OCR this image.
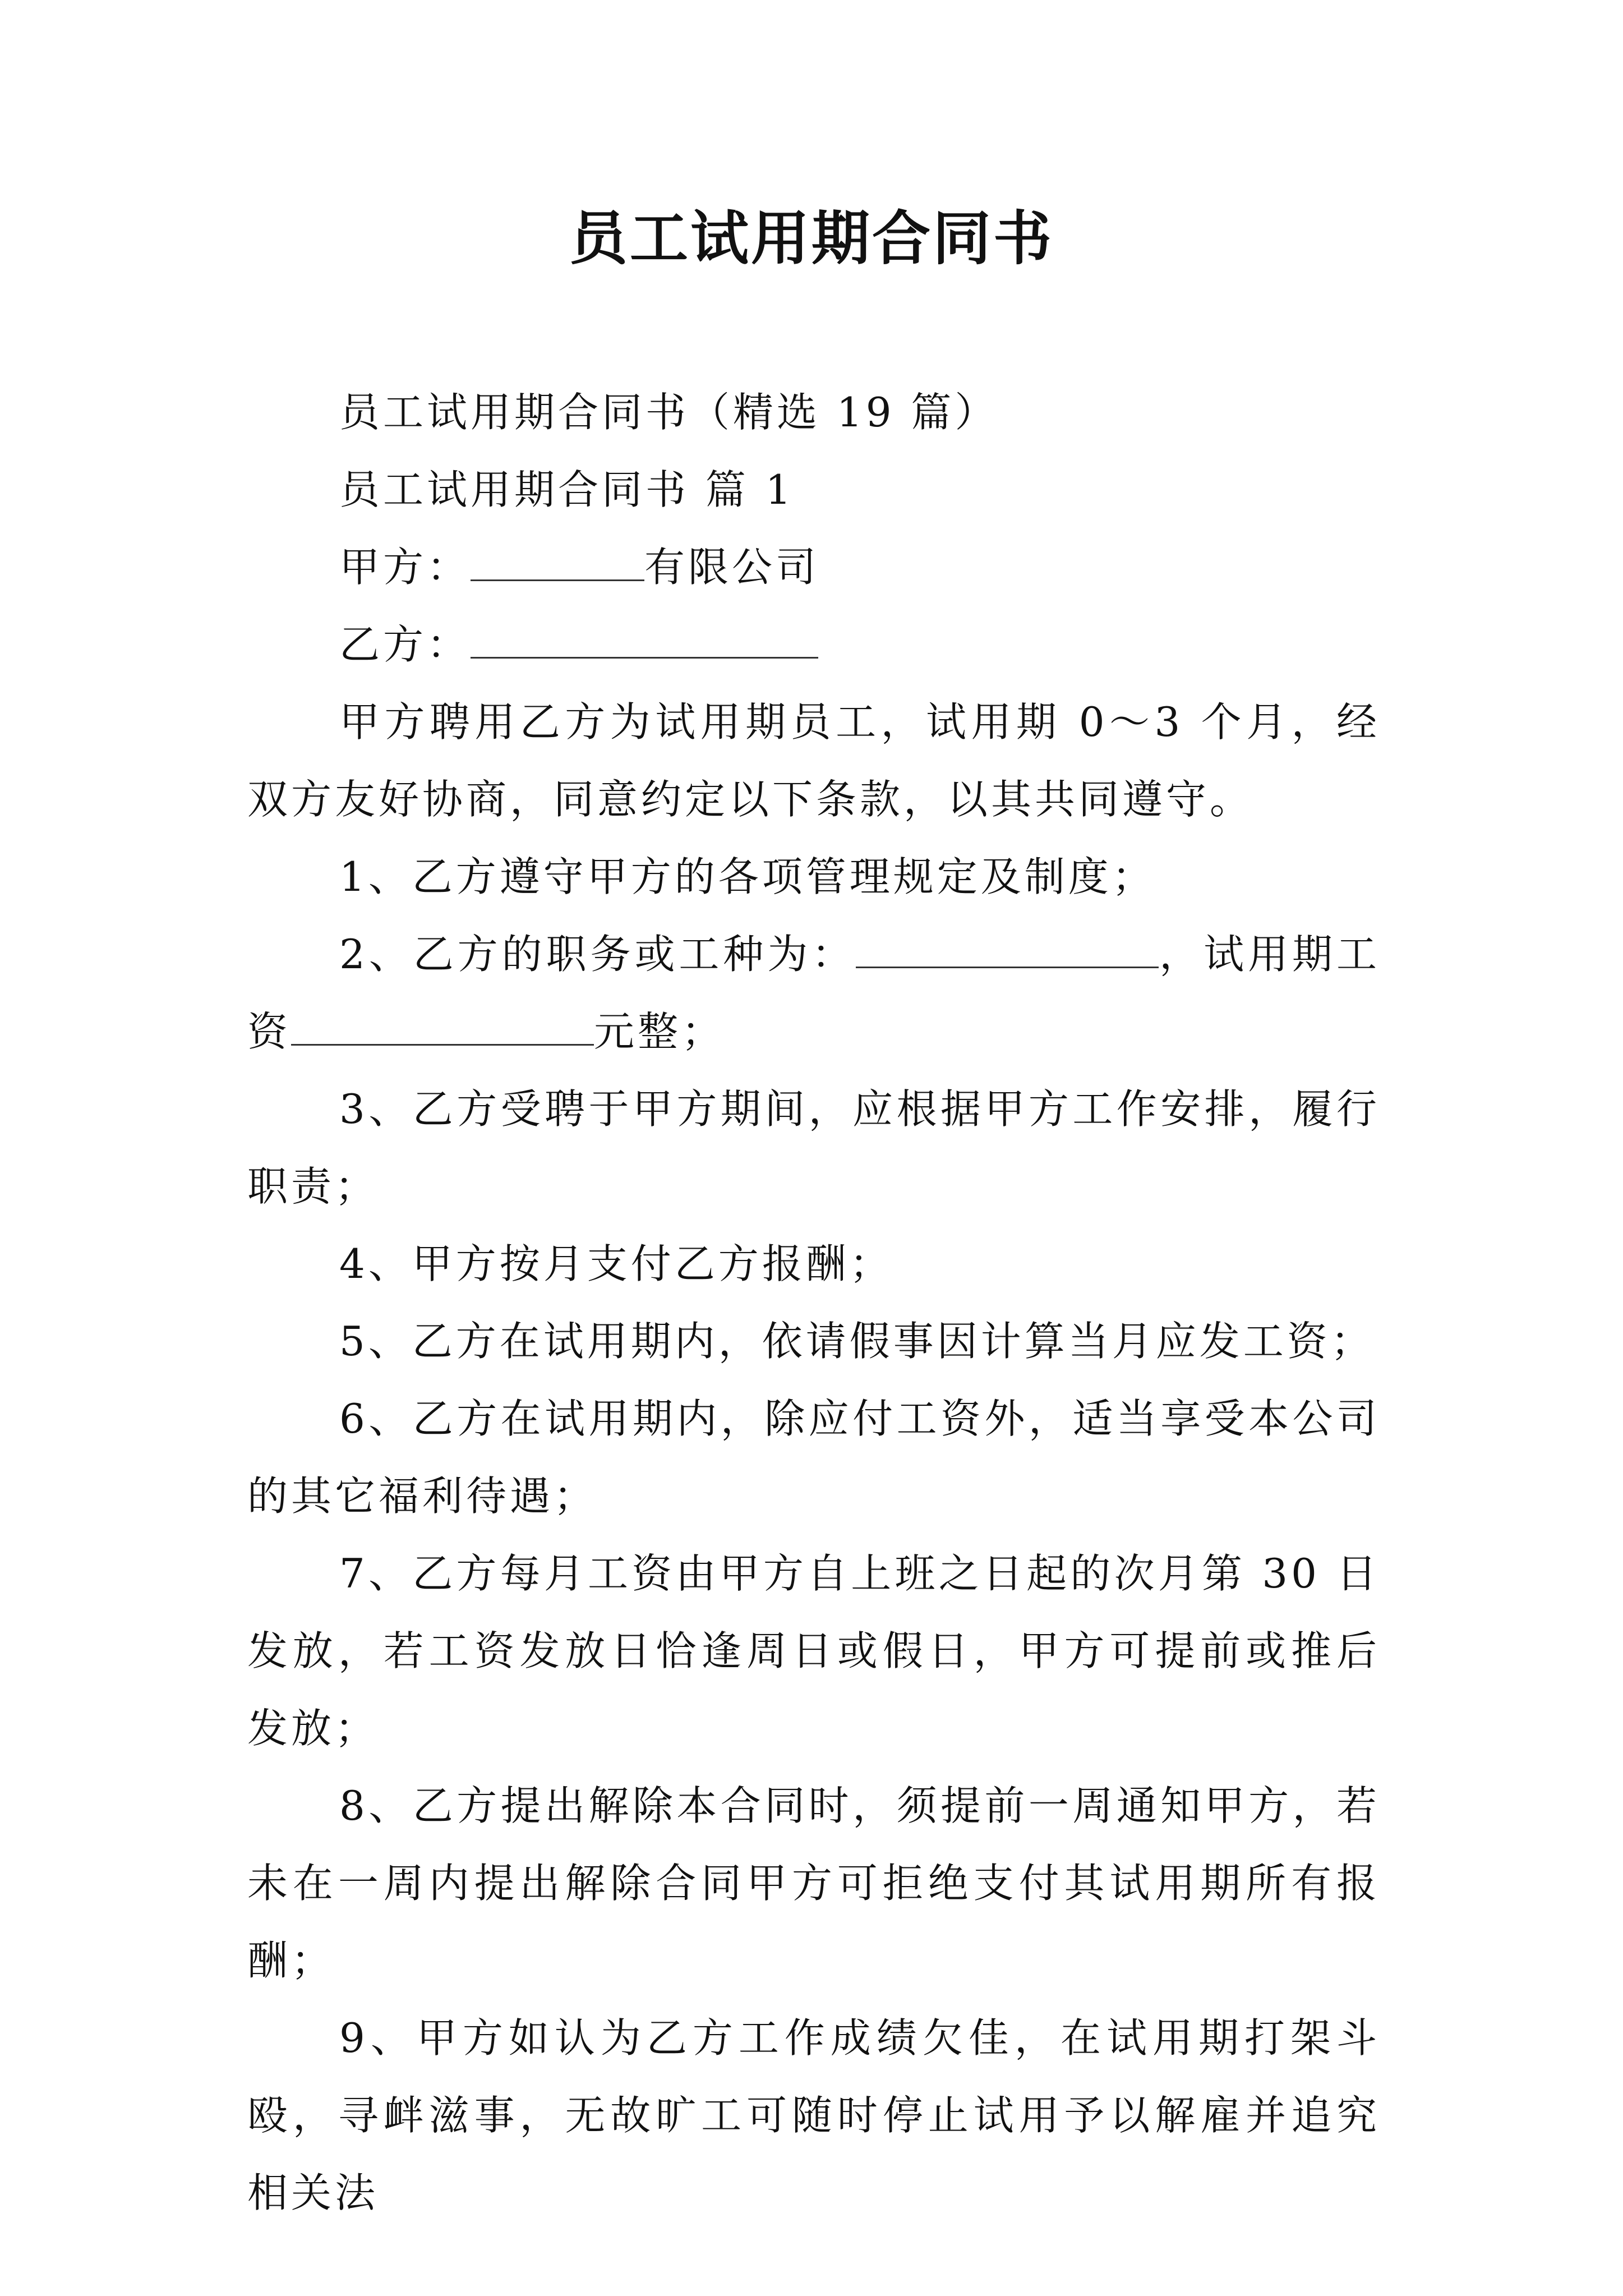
员工试用期合同书

员工试用期合同书（精选 19 篇）

员工试用期合同书 篇 1

甲方：	有限公司

乙方：

甲方聘用乙方为试用期员工，试用期 0～3 个月，经双方友好协商，同意约定以下条款，以其共同遵守。

1、乙方遵守甲方的各项管理规定及制度；

2、乙方的职务或工种为：	，试用期工资	元整；

3、乙方受聘于甲方期间，应根据甲方工作安排，履行职责；

4、甲方按月支付乙方报酬；

5、乙方在试用期内，依请假事因计算当月应发工资；

6、乙方在试用期内，除应付工资外，适当享受本公司的其它福利待遇；

7、乙方每月工资由甲方自上班之日起的次月第 30 日发放，若工资发放日恰逢周日或假日，甲方可提前或推后发放；

8、乙方提出解除本合同时，须提前一周通知甲方，若未在一周内提出解除合同甲方可拒绝支付其试用期所有报酬；

9、甲方如认为乙方工作成绩欠佳，在试用期打架斗殴，寻衅滋事，无故旷工可随时停止试用予以解雇并追究相关法
